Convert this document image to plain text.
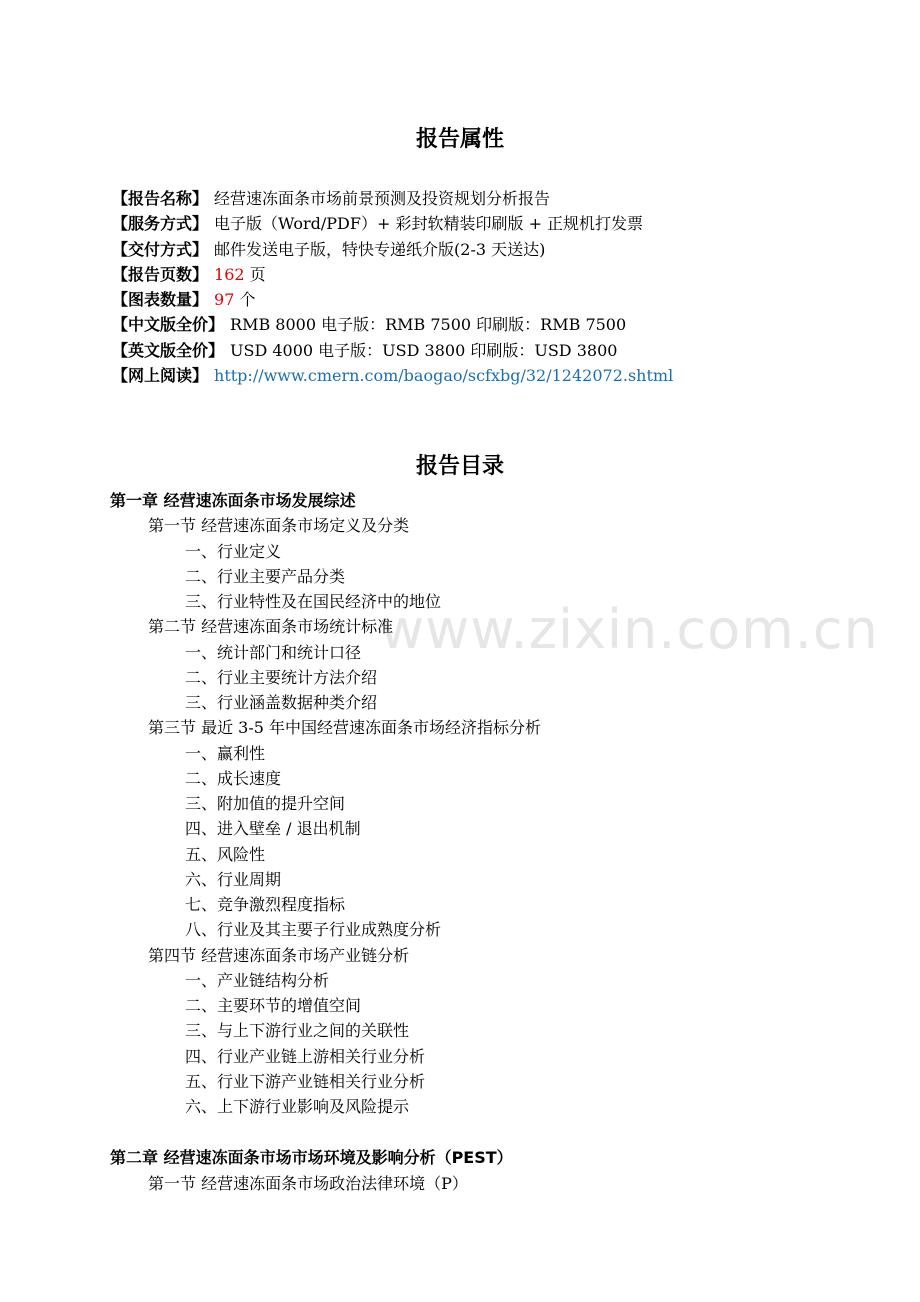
www.zixin.com.cn
报告属性
【报告名称】 经营速冻面条市场前景预测及投资规划分析报告
【服务方式】 电子版（Word/PDF）+ 彩封软精装印刷版 + 正规机打发票
【交付方式】 邮件发送电子版，特快专递纸介版(2-3 天送达)
【报告页数】 162 页
【图表数量】 97 个
【中文版全价】 RMB 8000 电子版：RMB 7500 印刷版：RMB 7500
【英文版全价】 USD 4000 电子版：USD 3800 印刷版：USD 3800
【网上阅读】 http://www.cmern.com/baogao/scfxbg/32/1242072.shtml
报告目录
第一章 经营速冻面条市场发展综述
第一节 经营速冻面条市场定义及分类
一、行业定义
二、行业主要产品分类
三、行业特性及在国民经济中的地位
第二节 经营速冻面条市场统计标准
一、统计部门和统计口径
二、行业主要统计方法介绍
三、行业涵盖数据种类介绍
第三节 最近 3-5 年中国经营速冻面条市场经济指标分析
一、赢利性
二、成长速度
三、附加值的提升空间
四、进入壁垒 / 退出机制
五、风险性
六、行业周期
七、竞争激烈程度指标
八、行业及其主要子行业成熟度分析
第四节 经营速冻面条市场产业链分析
一、产业链结构分析
二、主要环节的增值空间
三、与上下游行业之间的关联性
四、行业产业链上游相关行业分析
五、行业下游产业链相关行业分析
六、上下游行业影响及风险提示
第二章 经营速冻面条市场市场环境及影响分析（PEST）
第一节 经营速冻面条市场政治法律环境（P）
